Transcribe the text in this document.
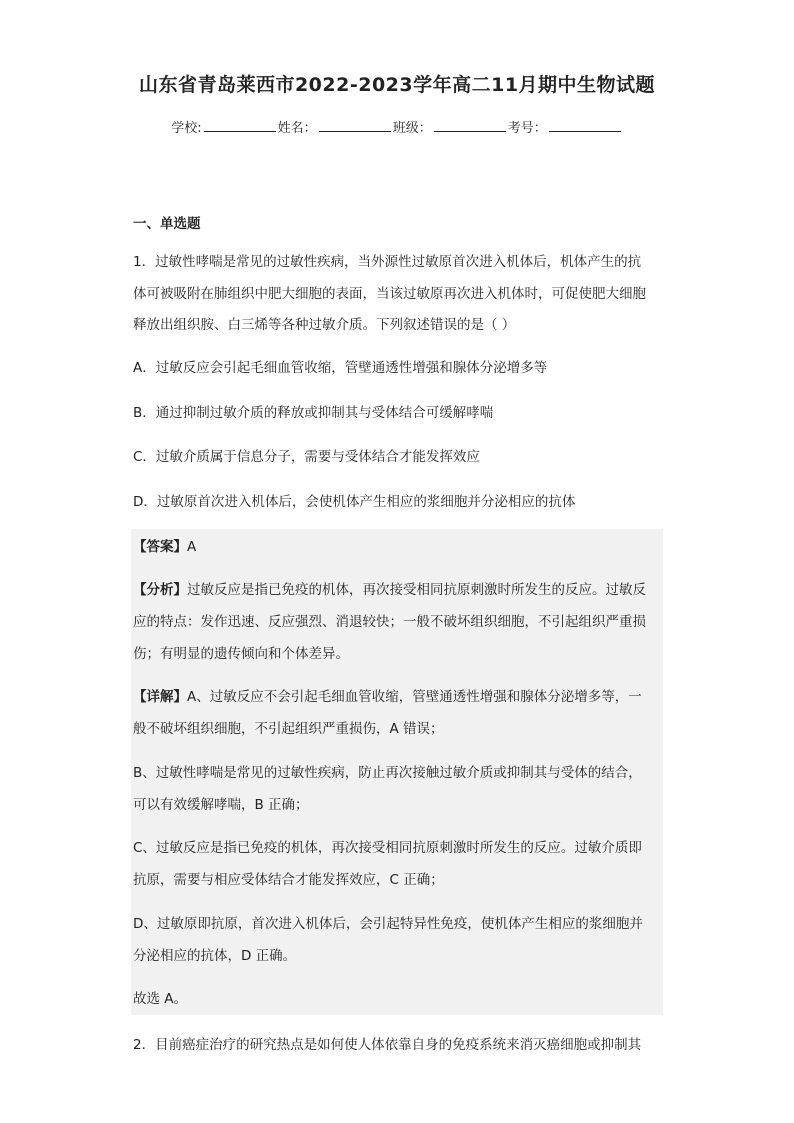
山东省青岛莱西市2022-2023学年高二11月期中生物试题
学校:	姓名：	班级：	考号：
一、单选题
1．过敏性哮喘是常见的过敏性疾病，当外源性过敏原首次进入机体后，机体产生的抗
体可被吸附在肺组织中肥大细胞的表面，当该过敏原再次进入机体时，可促使肥大细胞
释放出组织胺、白三烯等各种过敏介质。下列叙述错误的是（ ）
A．过敏反应会引起毛细血管收缩，管壁通透性增强和腺体分泌增多等
B．通过抑制过敏介质的释放或抑制其与受体结合可缓解哮喘
C．过敏介质属于信息分子，需要与受体结合才能发挥效应
D．过敏原首次进入机体后，会使机体产生相应的浆细胞并分泌相应的抗体
【答案】A
【分析】过敏反应是指已免疫的机体，再次接受相同抗原刺激时所发生的反应。过敏反
应的特点：发作迅速、反应强烈、消退较快；一般不破坏组织细胞，不引起组织严重损
伤；有明显的遗传倾向和个体差异。
【详解】A、过敏反应不会引起毛细血管收缩，管壁通透性增强和腺体分泌增多等，一
般不破坏组织细胞，不引起组织严重损伤，A 错误；
B、过敏性哮喘是常见的过敏性疾病，防止再次接触过敏介质或抑制其与受体的结合，
可以有效缓解哮喘，B 正确；
C、过敏反应是指已免疫的机体，再次接受相同抗原刺激时所发生的反应。过敏介质即
抗原，需要与相应受体结合才能发挥效应，C 正确；
D、过敏原即抗原，首次进入机体后，会引起特异性免疫，使机体产生相应的浆细胞并
分泌相应的抗体，D 正确。
故选 A。
2．目前癌症治疗的研究热点是如何使人体依靠自身的免疫系统来消灭癌细胞或抑制其
